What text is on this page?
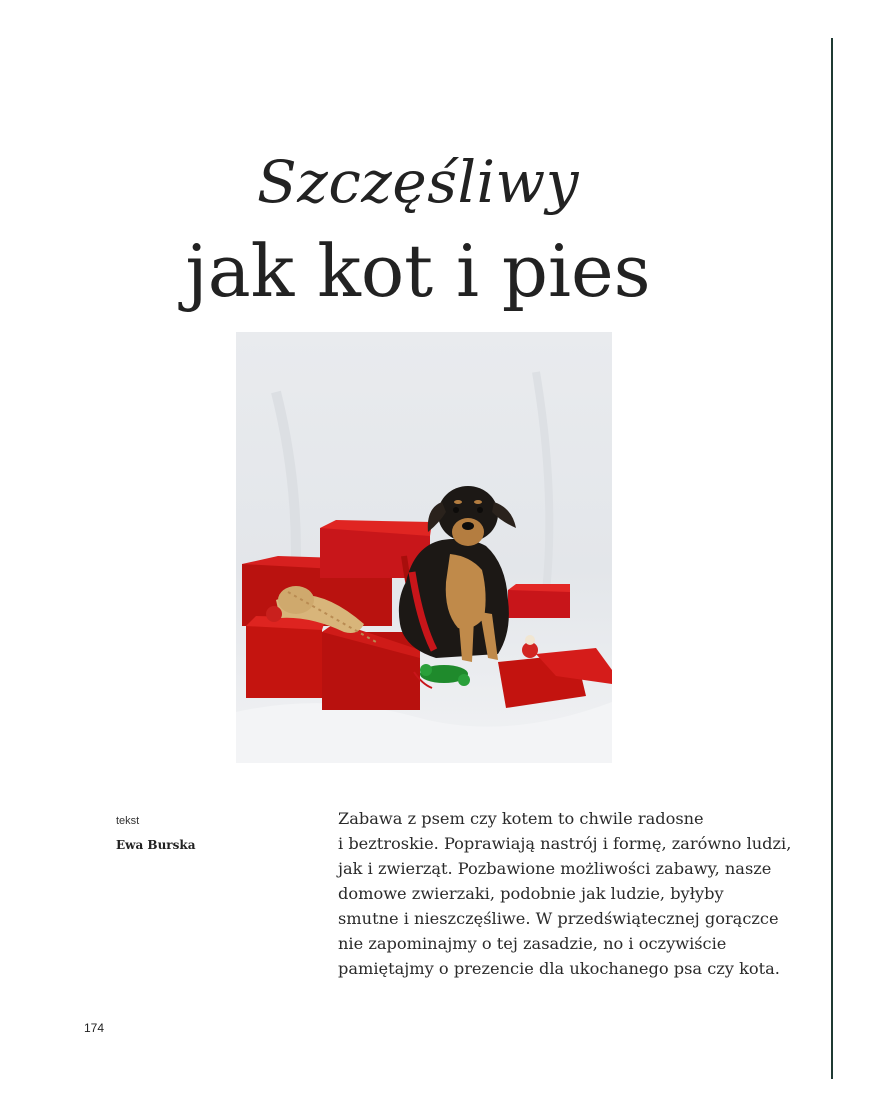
Szczęśliwy
jak kot i pies
tekst
Ewa Burska
Zabawa z psem czy kotem to chwile radosne
i beztroskie. Poprawiają nastrój i formę, zarówno ludzi,
jak i zwierząt. Pozbawione możliwości zabawy, nasze
domowe zwierzaki, podobnie jak ludzie, byłyby
smutne i nieszczęśliwe. W przedświątecznej gorączce
nie zapominajmy o tej zasadzie, no i oczywiście
pamiętajmy o prezencie dla ukochanego psa czy kota.
174
